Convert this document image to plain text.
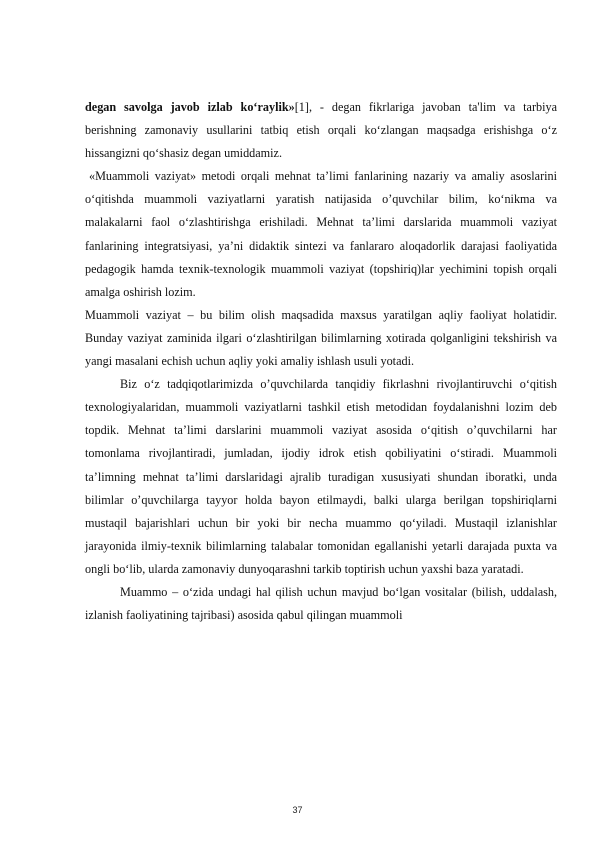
degan savolga javob izlab ko‘raylik»[1], - degan fikrlariga javoban ta'lim va tarbiya berishning zamonaviy usullarini tatbiq etish orqali ko‘zlangan maqsadga erishishga o‘z hissangizni qo‘shasiz degan umiddamiz.

«Muammoli vaziyat» metodi orqali mehnat ta’limi fanlarining nazariy va amaliy asoslarini o‘qitishda muammoli vaziyatlarni yaratish natijasida o’quvchilar bilim, ko‘nikma va malakalarni faol o‘zlashtirishga erishiladi. Mehnat ta’limi darslarida muammoli vaziyat fanlarining integratsiyasi, ya’ni didaktik sintezi va fanlararo aloqadorlik darajasi faoliyatida pedagogik hamda texnik-texnologik muammoli vaziyat (topshiriq)lar yechimini topish orqali amalga oshirish lozim.

Muammoli vaziyat – bu bilim olish maqsadida maxsus yaratilgan aqliy faoliyat holatidir. Bunday vaziyat zaminida ilgari o‘zlashtirilgan bilimlarning xotirada qolganligini tekshirish va yangi masalani echish uchun aqliy yoki amaliy ishlash usuli yotadi.

Biz o‘z tadqiqotlarimizda o’quvchilarda tanqidiy fikrlashni rivojlantiruvchi o‘qitish texnologiyalaridan, muammoli vaziyatlarni tashkil etish metodidan foydalanishni lozim deb topdik. Mehnat ta’limi darslarini muammoli vaziyat asosida o‘qitish o’quvchilarni har tomonlama rivojlantiradi, jumladan, ijodiy idrok etish qobiliyatini o‘stiradi. Muammoli ta’limning mehnat ta’limi darslaridagi ajralib turadigan xususiyati shundan iboratki, unda bilimlar o’quvchilarga tayyor holda bayon etilmaydi, balki ularga berilgan topshiriqlarni mustaqil bajarishlari uchun bir yoki bir necha muammo qo‘yiladi. Mustaqil izlanishlar jarayonida ilmiy-texnik bilimlarning talabalar tomonidan egallanishi yetarli darajada puxta va ongli bo‘lib, ularda zamonaviy dunyoqarashni tarkib toptirish uchun yaxshi baza yaratadi.

Muammo – o‘zida undagi hal qilish uchun mavjud bo‘lgan vositalar (bilish, uddalash, izlanish faoliyatining tajribasi) asosida qabul qilingan muammoli

37
